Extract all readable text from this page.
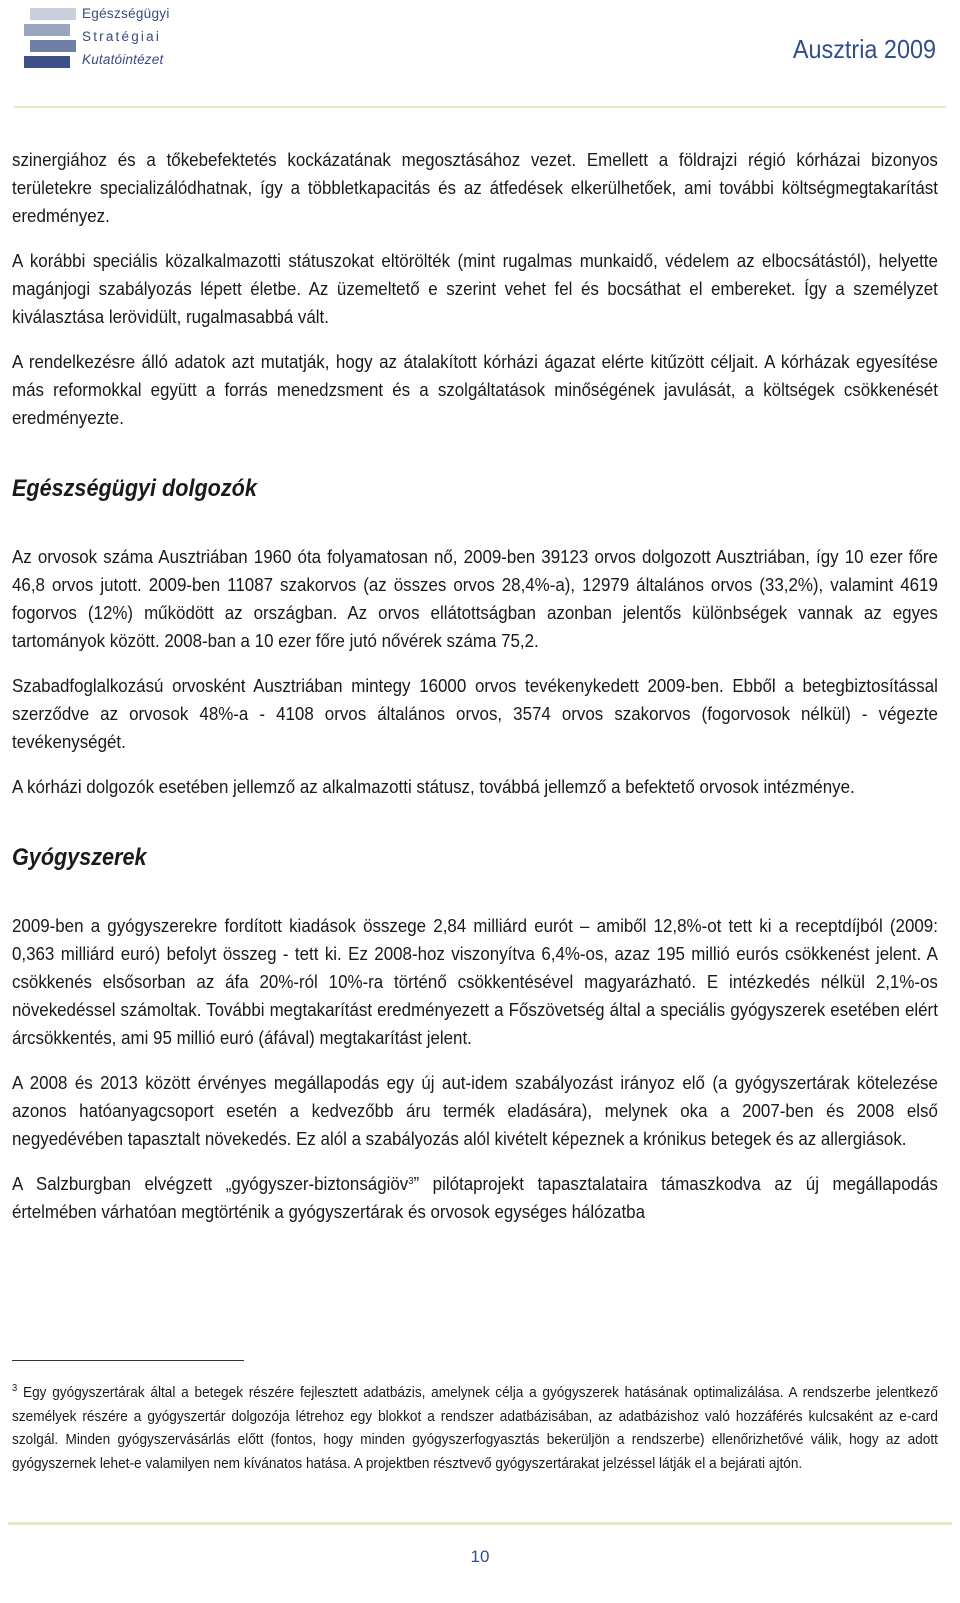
Egészségügyi
Stratégiai
Kutatóintézet	Ausztria 2009

szinergiához és a tőkebefektetés kockázatának megosztásához vezet. Emellett a földrajzi régió kórházai bizonyos területekre specializálódhatnak, így a többletkapacitás és az átfedések elkerülhetőek, ami további költségmegtakarítást eredményez.

A korábbi speciális közalkalmazotti státuszokat eltörölték (mint rugalmas munkaidő, védelem az elbocsátástól), helyette magánjogi szabályozás lépett életbe. Az üzemeltető e szerint vehet fel és bocsáthat el embereket. Így a személyzet kiválasztása lerövidült, rugalmasabbá vált.

A rendelkezésre álló adatok azt mutatják, hogy az átalakított kórházi ágazat elérte kitűzött céljait. A kórházak egyesítése más reformokkal együtt a forrás menedzsment és a szolgáltatások minőségének javulását, a költségek csökkenését eredményezte.

Egészségügyi dolgozók

Az orvosok száma Ausztriában 1960 óta folyamatosan nő, 2009-ben 39123 orvos dolgozott Ausztriában, így 10 ezer főre 46,8 orvos jutott. 2009-ben 11087 szakorvos (az összes orvos 28,4%-a), 12979 általános orvos (33,2%), valamint 4619 fogorvos (12%) működött az országban. Az orvos ellátottságban azonban jelentős különbségek vannak az egyes tartományok között. 2008-ban a 10 ezer főre jutó nővérek száma 75,2.

Szabadfoglalkozású orvosként Ausztriában mintegy 16000 orvos tevékenykedett 2009-ben. Ebből a betegbiztosítással szerződve az orvosok 48%-a - 4108 orvos általános orvos, 3574 orvos szakorvos (fogorvosok nélkül) - végezte tevékenységét.

A kórházi dolgozók esetében jellemző az alkalmazotti státusz, továbbá jellemző a befektető orvosok intézménye.

Gyógyszerek

2009-ben a gyógyszerekre fordított kiadások összege 2,84 milliárd eurót – amiből 12,8%-ot tett ki a receptdíjból (2009: 0,363 milliárd euró) befolyt összeg - tett ki. Ez 2008-hoz viszonyítva 6,4%-os, azaz 195 millió eurós csökkenést jelent. A csökkenés elsősorban az áfa 20%-ról 10%-ra történő csökkentésével magyarázható. E intézkedés nélkül 2,1%-os növekedéssel számoltak. További megtakarítást eredményezett a Főszövetség által a speciális gyógyszerek esetében elért árcsökkentés, ami 95 millió euró (áfával) megtakarítást jelent.

A 2008 és 2013 között érvényes megállapodás egy új aut-idem szabályozást irányoz elő (a gyógyszertárak kötelezése azonos hatóanyagcsoport esetén a kedvezőbb áru termék eladására), melynek oka a 2007-ben és 2008 első negyedévében tapasztalt növekedés. Ez alól a szabályozás alól kivételt képeznek a krónikus betegek és az allergiások.

A Salzburgban elvégzett „gyógyszer-biztonságiöv$^3$” pilótaprojekt tapasztalataira támaszkodva az új megállapodás értelmében várhatóan megtörténik a gyógyszertárak és orvosok egységes hálózatba

$^3$ Egy gyógyszertárak által a betegek részére fejlesztett adatbázis, amelynek célja a gyógyszerek hatásának optimalizálása. A rendszerbe jelentkező személyek részére a gyógyszertár dolgozója létrehoz egy blokkot a rendszer adatbázisában, az adatbázishoz való hozzáférés kulcsaként az e-card szolgál. Minden gyógyszervásárlás előtt (fontos, hogy minden gyógyszerfogyasztás bekerüljön a rendszerbe) ellenőrizhetővé válik, hogy az adott gyógyszernek lehet-e valamilyen nem kívánatos hatása. A projektben résztvevő gyógyszertárakat jelzéssel látják el a bejárati ajtón.

10
